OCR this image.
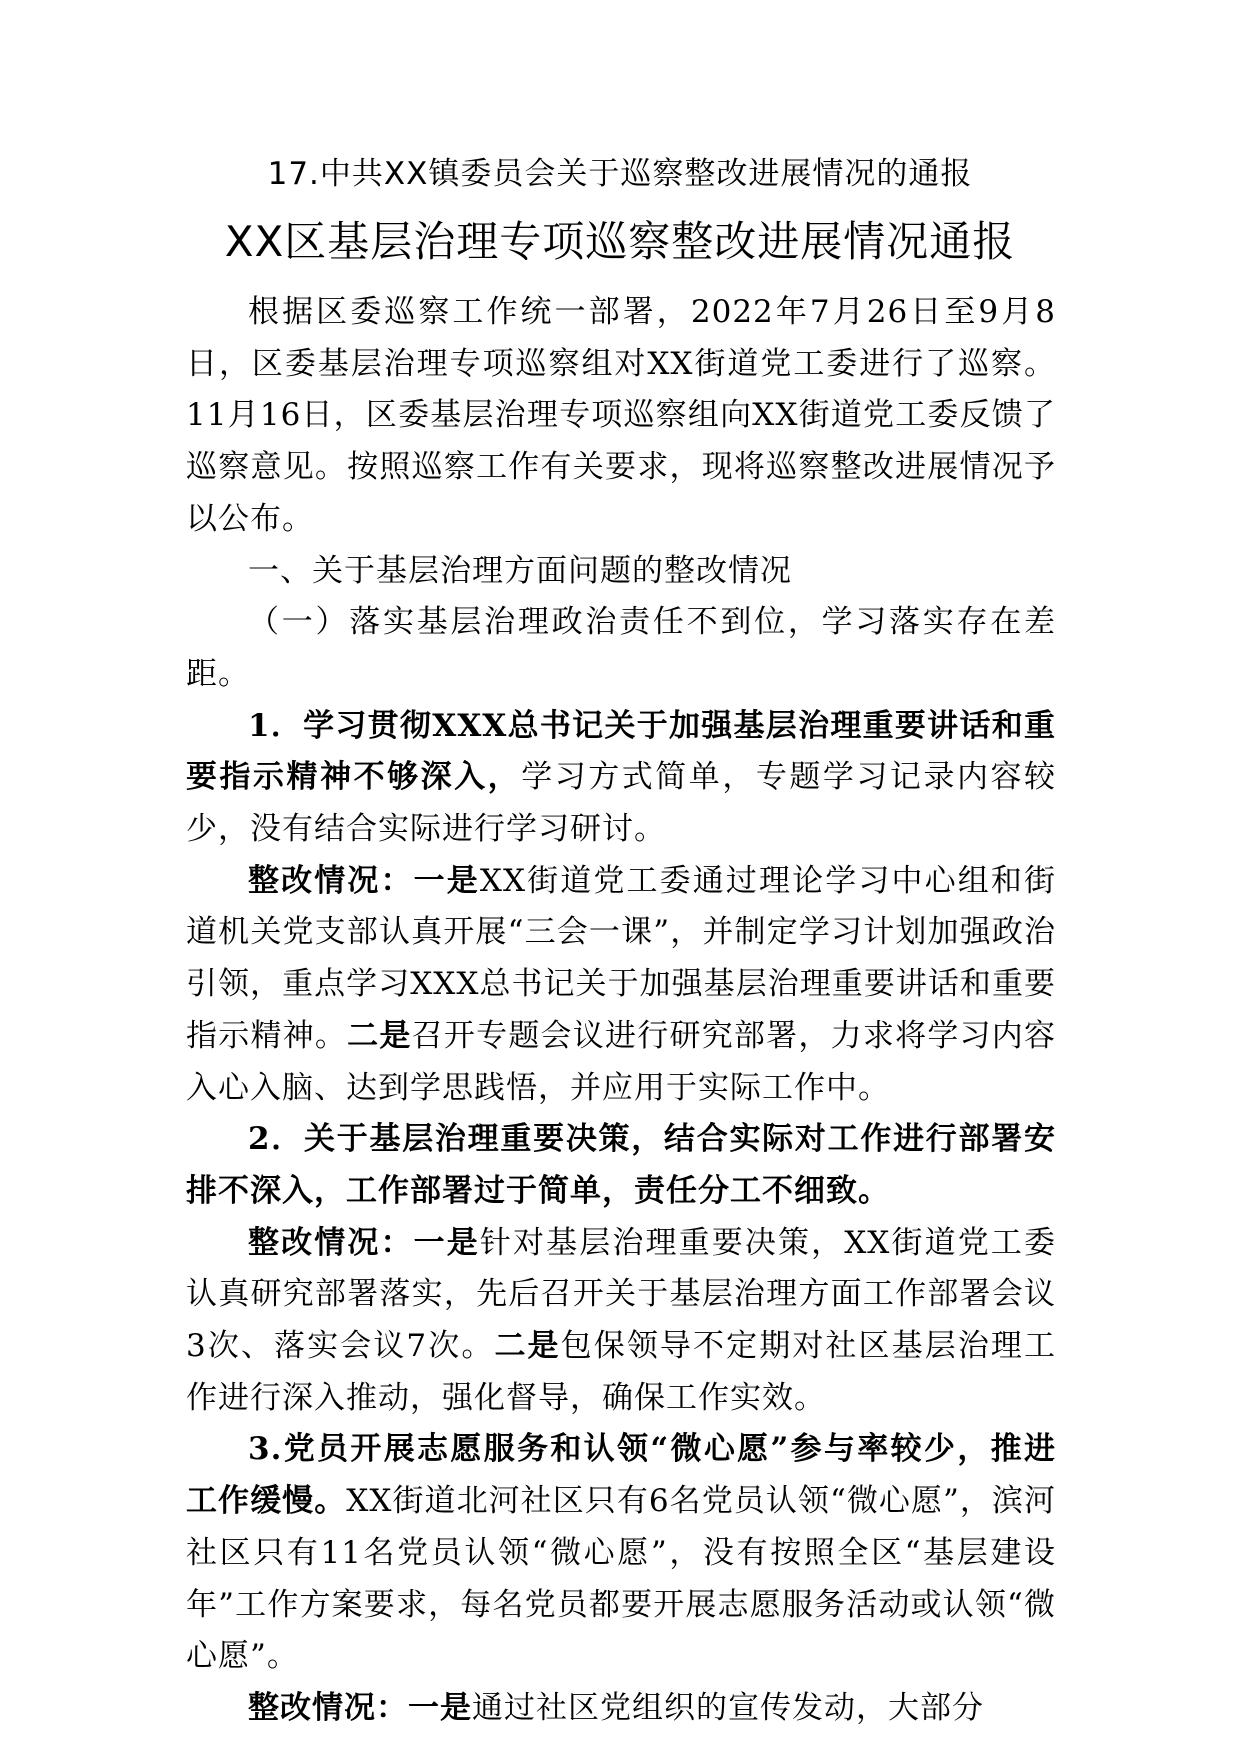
17.中共XX镇委员会关于巡察整改进展情况的通报
XX区基层治理专项巡察整改进展情况通报

根据区委巡察工作统一部署，2022年7月26日至9月8日，区委基层治理专项巡察组对XX街道党工委进行了巡察。11月16日，区委基层治理专项巡察组向XX街道党工委反馈了巡察意见。按照巡察工作有关要求，现将巡察整改进展情况予以公布。

一、关于基层治理方面问题的整改情况

（一）落实基层治理政治责任不到位，学习落实存在差距。

1．学习贯彻XXX总书记关于加强基层治理重要讲话和重要指示精神不够深入，学习方式简单，专题学习记录内容较少，没有结合实际进行学习研讨。

整改情况：一是XX街道党工委通过理论学习中心组和街道机关党支部认真开展“三会一课”，并制定学习计划加强政治引领，重点学习XXX总书记关于加强基层治理重要讲话和重要指示精神。二是召开专题会议进行研究部署，力求将学习内容入心入脑、达到学思践悟，并应用于实际工作中。

2．关于基层治理重要决策，结合实际对工作进行部署安排不深入，工作部署过于简单，责任分工不细致。

整改情况：一是针对基层治理重要决策，XX街道党工委认真研究部署落实，先后召开关于基层治理方面工作部署会议3次、落实会议7次。二是包保领导不定期对社区基层治理工作进行深入推动，强化督导，确保工作实效。

3.党员开展志愿服务和认领“微心愿”参与率较少，推进工作缓慢。XX街道北河社区只有6名党员认领“微心愿”，滨河社区只有11名党员认领“微心愿”，没有按照全区“基层建设年”工作方案要求，每名党员都要开展志愿服务活动或认领“微心愿”。

整改情况：一是通过社区党组织的宣传发动，大部分
